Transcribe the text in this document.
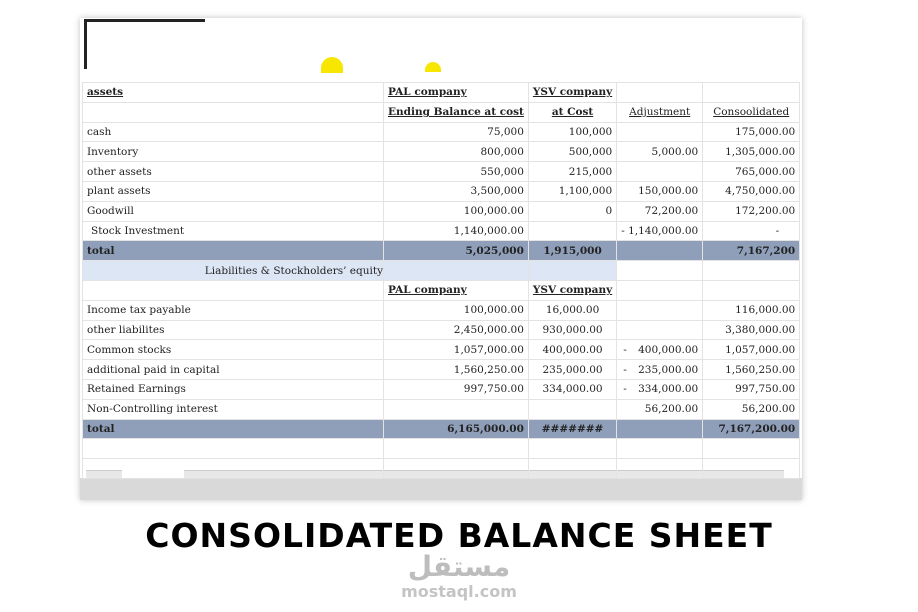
assets	PAL company	YSV company		
	Ending Balance at cost	at Cost	Adjustment	Consoolidated
cash	75,000	100,000		175,000.00
Inventory	800,000	500,000	5,000.00	1,305,000.00
other assets	550,000	215,000		765,000.00
plant assets	3,500,000	1,100,000	150,000.00	4,750,000.00
Goodwill	100,000.00	0	72,200.00	172,200.00
Stock Investment	1,140,000.00		- 1,140,000.00	-
total	5,025,000	1,915,000		7,167,200
Liabilities & Stockholders’ equity				
	PAL company	YSV company		
Income tax payable	100,000.00	16,000.00		116,000.00
other liabilites	2,450,000.00	930,000.00		3,380,000.00
Common stocks	1,057,000.00	400,000.00	- 400,000.00	1,057,000.00
additional paid in capital	1,560,250.00	235,000.00	- 235,000.00	1,560,250.00
Retained Earnings	997,750.00	334,000.00	- 334,000.00	997,750.00
Non-Controlling interest			56,200.00	56,200.00
total	6,165,000.00	#######		7,167,200.00

CONSOLIDATED BALANCE SHEET
مستقل
mostaql.com
